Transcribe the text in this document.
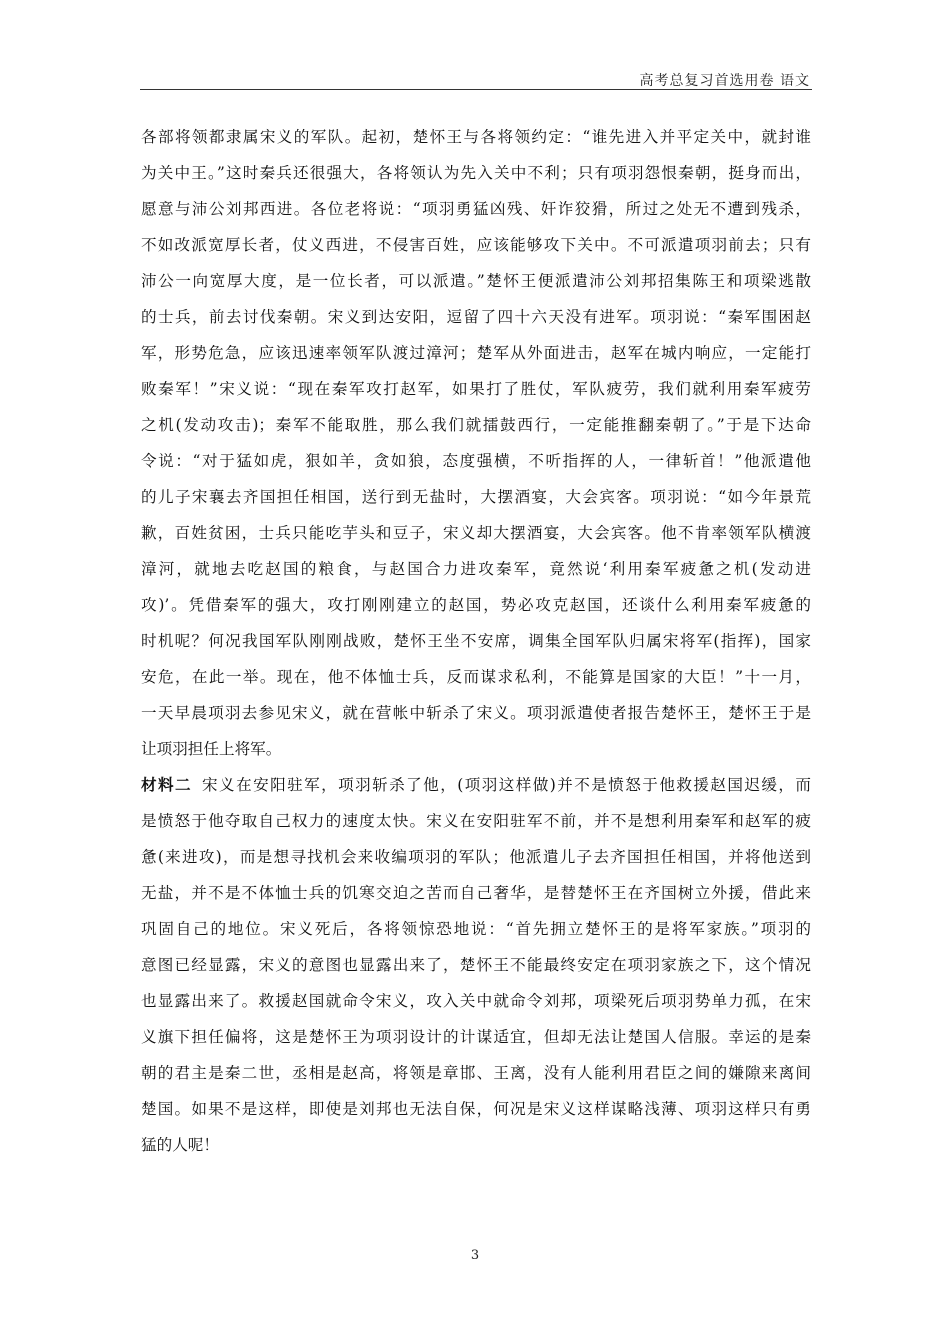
高考总复习首选用卷 语文
各部将领都隶属宋义的军队。起初，楚怀王与各将领约定：“谁先进入并平定关中，就封谁
为关中王。”这时秦兵还很强大，各将领认为先入关中不利；只有项羽怨恨秦朝，挺身而出，
愿意与沛公刘邦西进。各位老将说：“项羽勇猛凶残、奸诈狡猾，所过之处无不遭到残杀，
不如改派宽厚长者，仗义西进，不侵害百姓，应该能够攻下关中。不可派遣项羽前去；只有
沛公一向宽厚大度，是一位长者，可以派遣。”楚怀王便派遣沛公刘邦招集陈王和项梁逃散
的士兵，前去讨伐秦朝。宋义到达安阳，逗留了四十六天没有进军。项羽说：“秦军围困赵
军，形势危急，应该迅速率领军队渡过漳河；楚军从外面进击，赵军在城内响应，一定能打
败秦军！”宋义说：“现在秦军攻打赵军，如果打了胜仗，军队疲劳，我们就利用秦军疲劳
之机(发动攻击)；秦军不能取胜，那么我们就擂鼓西行，一定能推翻秦朝了。”于是下达命
令说：“对于猛如虎，狠如羊，贪如狼，态度强横，不听指挥的人，一律斩首！”他派遣他
的儿子宋襄去齐国担任相国，送行到无盐时，大摆酒宴，大会宾客。项羽说：“如今年景荒
歉，百姓贫困，士兵只能吃芋头和豆子，宋义却大摆酒宴，大会宾客。他不肯率领军队横渡
漳河，就地去吃赵国的粮食，与赵国合力进攻秦军，竟然说‘利用秦军疲惫之机(发动进
攻)’。凭借秦军的强大，攻打刚刚建立的赵国，势必攻克赵国，还谈什么利用秦军疲惫的
时机呢？何况我国军队刚刚战败，楚怀王坐不安席，调集全国军队归属宋将军(指挥)，国家
安危，在此一举。现在，他不体恤士兵，反而谋求私利，不能算是国家的大臣！”十一月，
一天早晨项羽去参见宋义，就在营帐中斩杀了宋义。项羽派遣使者报告楚怀王，楚怀王于是
让项羽担任上将军。
材料二 宋义在安阳驻军，项羽斩杀了他，(项羽这样做)并不是愤怒于他救援赵国迟缓，而
是愤怒于他夺取自己权力的速度太快。宋义在安阳驻军不前，并不是想利用秦军和赵军的疲
惫(来进攻)，而是想寻找机会来收编项羽的军队；他派遣儿子去齐国担任相国，并将他送到
无盐，并不是不体恤士兵的饥寒交迫之苦而自己奢华，是替楚怀王在齐国树立外援，借此来
巩固自己的地位。宋义死后，各将领惊恐地说：“首先拥立楚怀王的是将军家族。”项羽的
意图已经显露，宋义的意图也显露出来了，楚怀王不能最终安定在项羽家族之下，这个情况
也显露出来了。救援赵国就命令宋义，攻入关中就命令刘邦，项梁死后项羽势单力孤，在宋
义旗下担任偏将，这是楚怀王为项羽设计的计谋适宜，但却无法让楚国人信服。幸运的是秦
朝的君主是秦二世，丞相是赵高，将领是章邯、王离，没有人能利用君臣之间的嫌隙来离间
楚国。如果不是这样，即使是刘邦也无法自保，何况是宋义这样谋略浅薄、项羽这样只有勇
猛的人呢！
3
